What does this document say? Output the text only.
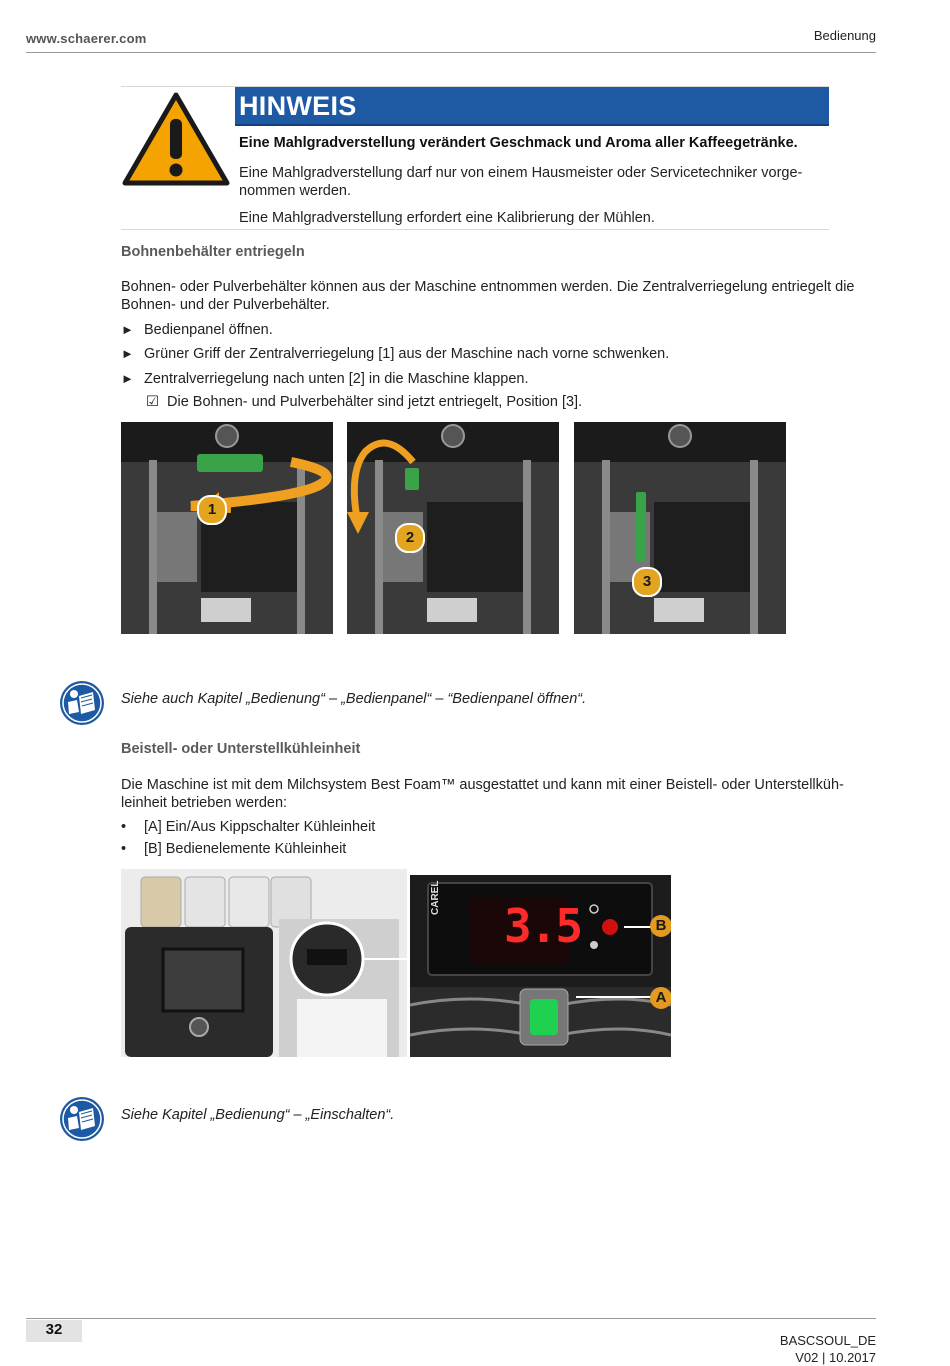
www.schaerer.com	Bedienung
HINWEIS
Eine Mahlgradverstellung verändert Geschmack und Aroma aller Kaffeegetränke.
Eine Mahlgradverstellung darf nur von einem Hausmeister oder Servicetechniker vorge-
nommen werden.
Eine Mahlgradverstellung erfordert eine Kalibrierung der Mühlen.
Bohnenbehälter entriegeln
Bohnen- oder Pulverbehälter können aus der Maschine entnommen werden. Die Zentralverriegelung entriegelt die
Bohnen- und der Pulverbehälter.
► Bedienpanel öffnen.
► Grüner Griff der Zentralverriegelung [1] aus der Maschine nach vorne schwenken.
► Zentralverriegelung nach unten [2] in die Maschine klappen.
☑ Die Bohnen- und Pulverbehälter sind jetzt entriegelt, Position [3].
1
2
3
Siehe auch Kapitel „Bedienung“ – „Bedienpanel“ – “Bedienpanel öffnen“.
Beistell- oder Unterstellkühleinheit
Die Maschine ist mit dem Milchsystem Best Foam™ ausgestattet und kann mit einer Beistell- oder Unterstellküh-
leinheit betrieben werden:
• [A] Ein/Aus Kippschalter Kühleinheit
• [B] Bedienelemente Kühleinheit
3.5
CAREL
B
A
Siehe Kapitel „Bedienung“ – „Einschalten“.
32
BASCSOUL_DE
V02 | 10.2017
